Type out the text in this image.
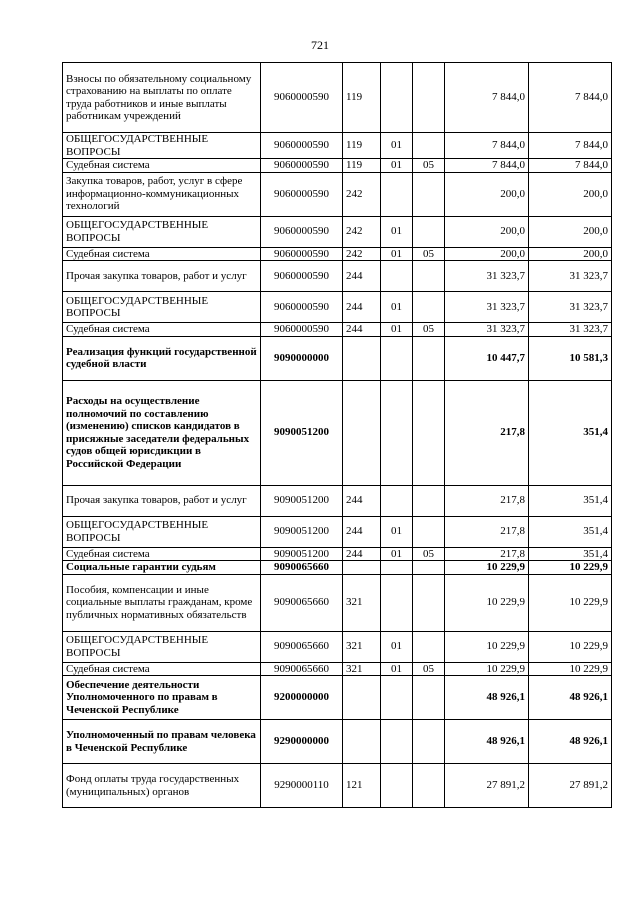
721
Взносы по обязательному социальному страхованию на выплаты по оплате труда работников и иные выплаты работникам учреждений	9060000590	119			7 844,0	7 844,0
ОБЩЕГОСУДАРСТВЕННЫЕ ВОПРОСЫ	9060000590	119	01		7 844,0	7 844,0
Судебная система	9060000590	119	01	05	7 844,0	7 844,0
Закупка товаров, работ, услуг в сфере информационно-коммуникационных технологий	9060000590	242			200,0	200,0
ОБЩЕГОСУДАРСТВЕННЫЕ ВОПРОСЫ	9060000590	242	01		200,0	200,0
Судебная система	9060000590	242	01	05	200,0	200,0
Прочая закупка товаров, работ и услуг	9060000590	244			31 323,7	31 323,7
ОБЩЕГОСУДАРСТВЕННЫЕ ВОПРОСЫ	9060000590	244	01		31 323,7	31 323,7
Судебная система	9060000590	244	01	05	31 323,7	31 323,7
Реализация функций государственной судебной власти	9090000000				10 447,7	10 581,3
Расходы на осуществление полномочий по составлению (изменению) списков кандидатов в присяжные заседатели федеральных судов общей юрисдикции в Российской Федерации	9090051200				217,8	351,4
Прочая закупка товаров, работ и услуг	9090051200	244			217,8	351,4
ОБЩЕГОСУДАРСТВЕННЫЕ ВОПРОСЫ	9090051200	244	01		217,8	351,4
Судебная система	9090051200	244	01	05	217,8	351,4
Социальные гарантии судьям	9090065660				10 229,9	10 229,9
Пособия, компенсации и иные социальные выплаты гражданам, кроме публичных нормативных обязательств	9090065660	321			10 229,9	10 229,9
ОБЩЕГОСУДАРСТВЕННЫЕ ВОПРОСЫ	9090065660	321	01		10 229,9	10 229,9
Судебная система	9090065660	321	01	05	10 229,9	10 229,9
Обеспечение деятельности Уполномоченного по правам в Чеченской Республике	9200000000				48 926,1	48 926,1
Уполномоченный по правам человека в Чеченской Республике	9290000000				48 926,1	48 926,1
Фонд оплаты труда государственных (муниципальных) органов	9290000110	121			27 891,2	27 891,2
